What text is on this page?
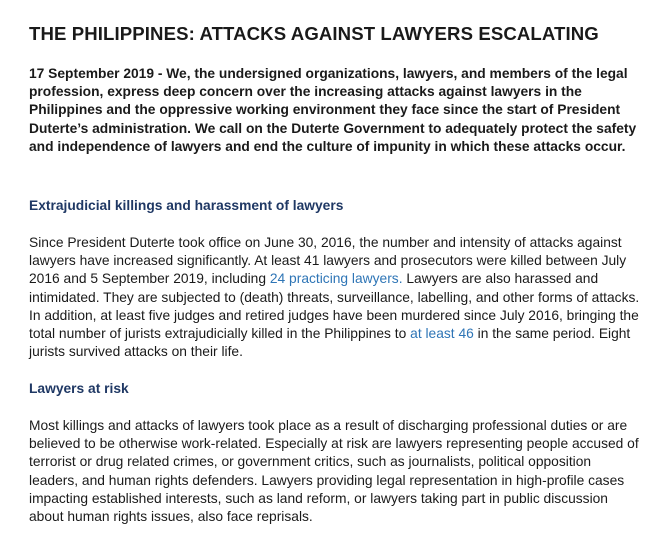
THE PHILIPPINES: ATTACKS AGAINST LAWYERS ESCALATING

17 September 2019 - We, the undersigned organizations, lawyers, and members of the legal profession, express deep concern over the increasing attacks against lawyers in the Philippines and the oppressive working environment they face since the start of President Duterte’s administration. We call on the Duterte Government to adequately protect the safety and independence of lawyers and end the culture of impunity in which these attacks occur.

Extrajudicial killings and harassment of lawyers

Since President Duterte took office on June 30, 2016, the number and intensity of attacks against lawyers have increased significantly. At least 41 lawyers and prosecutors were killed between July 2016 and 5 September 2019, including 24 practicing lawyers. Lawyers are also harassed and intimidated. They are subjected to (death) threats, surveillance, labelling, and other forms of attacks. In addition, at least five judges and retired judges have been murdered since July 2016, bringing the total number of jurists extrajudicially killed in the Philippines to at least 46 in the same period. Eight jurists survived attacks on their life.

Lawyers at risk

Most killings and attacks of lawyers took place as a result of discharging professional duties or are believed to be otherwise work-related. Especially at risk are lawyers representing people accused of terrorist or drug related crimes, or government critics, such as journalists, political opposition leaders, and human rights defenders. Lawyers providing legal representation in high-profile cases impacting established interests, such as land reform, or lawyers taking part in public discussion about human rights issues, also face reprisals.
